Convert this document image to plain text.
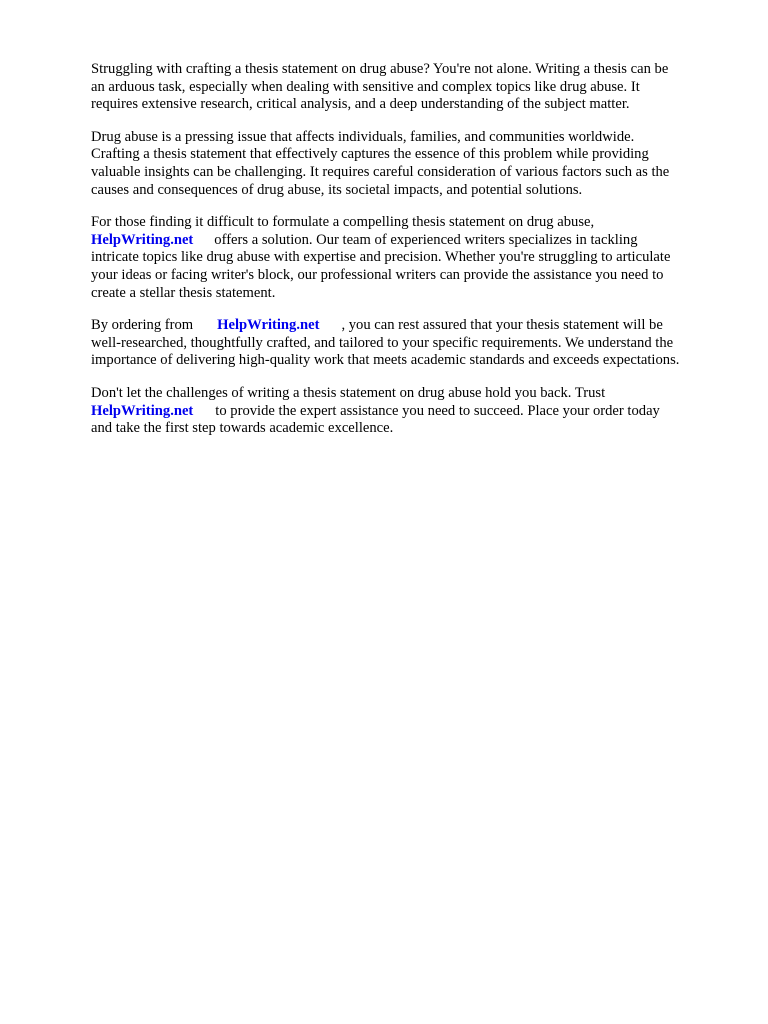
Struggling with crafting a thesis statement on drug abuse? You're not alone. Writing a thesis can be
an arduous task, especially when dealing with sensitive and complex topics like drug abuse. It
requires extensive research, critical analysis, and a deep understanding of the subject matter.
Drug abuse is a pressing issue that affects individuals, families, and communities worldwide.
Crafting a thesis statement that effectively captures the essence of this problem while providing
valuable insights can be challenging. It requires careful consideration of various factors such as the
causes and consequences of drug abuse, its societal impacts, and potential solutions.
For those finding it difficult to formulate a compelling thesis statement on drug abuse,
HelpWriting.net offers a solution. Our team of experienced writers specializes in tackling
intricate topics like drug abuse with expertise and precision. Whether you're struggling to articulate
your ideas or facing writer's block, our professional writers can provide the assistance you need to
create a stellar thesis statement.
By ordering from HelpWriting.net , you can rest assured that your thesis statement will be
well-researched, thoughtfully crafted, and tailored to your specific requirements. We understand the
importance of delivering high-quality work that meets academic standards and exceeds expectations.
Don't let the challenges of writing a thesis statement on drug abuse hold you back. Trust
HelpWriting.net to provide the expert assistance you need to succeed. Place your order today
and take the first step towards academic excellence.
